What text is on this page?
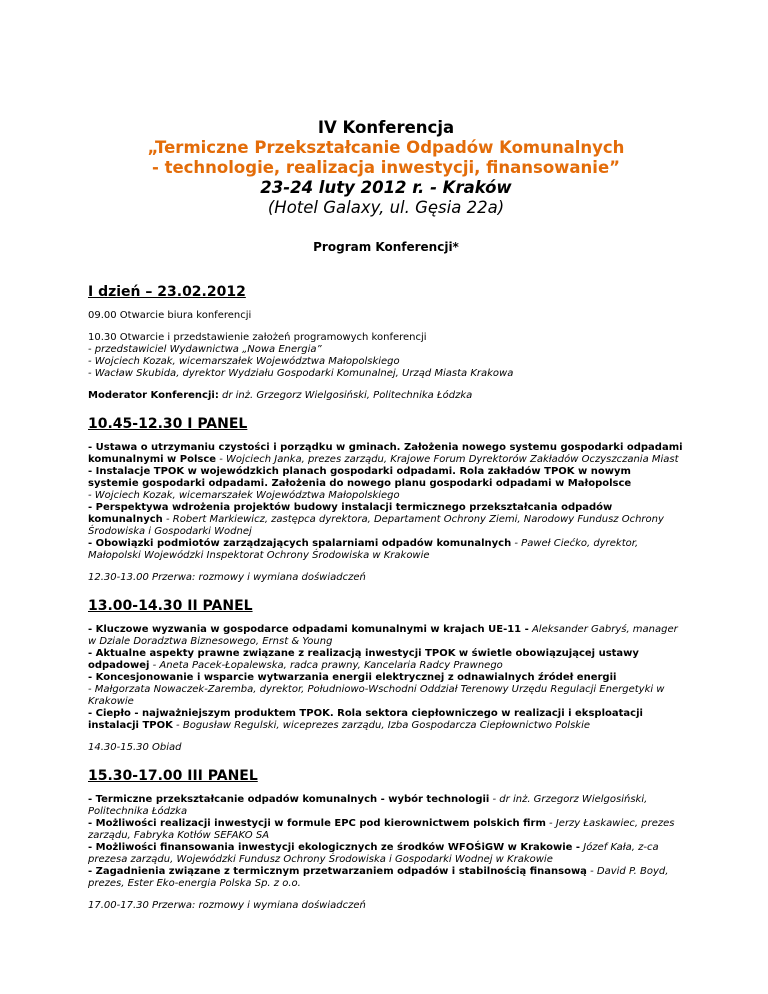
IV Konferencja
„Termiczne Przekształcanie Odpadów Komunalnych
- technologie, realizacja inwestycji, finansowanie”
23-24 luty 2012 r. - Kraków
(Hotel Galaxy, ul. Gęsia 22a)
Program Konferencji*
I dzień – 23.02.2012
09.00 Otwarcie biura konferencji
10.30 Otwarcie i przedstawienie założeń programowych konferencji
- przedstawiciel Wydawnictwa „Nowa Energia”
- Wojciech Kozak, wicemarszałek Województwa Małopolskiego
- Wacław Skubida, dyrektor Wydziału Gospodarki Komunalnej, Urząd Miasta Krakowa
Moderator Konferencji: dr inż. Grzegorz Wielgosiński, Politechnika Łódzka
10.45-12.30 I PANEL
- Ustawa o utrzymaniu czystości i porządku w gminach. Założenia nowego systemu gospodarki odpadami komunalnymi w Polsce - Wojciech Janka, prezes zarządu, Krajowe Forum Dyrektorów Zakładów Oczyszczania Miast
- Instalacje TPOK w wojewódzkich planach gospodarki odpadami. Rola zakładów TPOK w nowym systemie gospodarki odpadami. Założenia do nowego planu gospodarki odpadami w Małopolsce
- Wojciech Kozak, wicemarszałek Województwa Małopolskiego
- Perspektywa wdrożenia projektów budowy instalacji termicznego przekształcania odpadów komunalnych - Robert Markiewicz, zastępca dyrektora, Departament Ochrony Ziemi, Narodowy Fundusz Ochrony Środowiska i Gospodarki Wodnej
- Obowiązki podmiotów zarządzających spalarniami odpadów komunalnych - Paweł Ciećko, dyrektor, Małopolski Wojewódzki Inspektorat Ochrony Środowiska w Krakowie
12.30-13.00 Przerwa: rozmowy i wymiana doświadczeń
13.00-14.30 II PANEL
- Kluczowe wyzwania w gospodarce odpadami komunalnymi w krajach UE-11 - Aleksander Gabryś, manager w Dziale Doradztwa Biznesowego, Ernst & Young
- Aktualne aspekty prawne związane z realizacją inwestycji TPOK w świetle obowiązującej ustawy odpadowej - Aneta Pacek-Łopalewska, radca prawny, Kancelaria Radcy Prawnego
- Koncesjonowanie i wsparcie wytwarzania energii elektrycznej z odnawialnych źródeł energii
- Małgorzata Nowaczek-Zaremba, dyrektor, Południowo-Wschodni Oddział Terenowy Urzędu Regulacji Energetyki w Krakowie
- Ciepło - najważniejszym produktem TPOK. Rola sektora ciepłowniczego w realizacji i eksploatacji instalacji TPOK - Bogusław Regulski, wiceprezes zarządu, Izba Gospodarcza Ciepłownictwo Polskie
14.30-15.30 Obiad
15.30-17.00 III PANEL
- Termiczne przekształcanie odpadów komunalnych - wybór technologii - dr inż. Grzegorz Wielgosiński, Politechnika Łódzka
- Możliwości realizacji inwestycji w formule EPC pod kierownictwem polskich firm - Jerzy Łaskawiec, prezes zarządu, Fabryka Kotłów SEFAKO SA
- Możliwości finansowania inwestycji ekologicznych ze środków WFOŚiGW w Krakowie - Józef Kała, z-ca prezesa zarządu, Wojewódzki Fundusz Ochrony Środowiska i Gospodarki Wodnej w Krakowie
- Zagadnienia związane z termicznym przetwarzaniem odpadów i stabilnością finansową - David P. Boyd, prezes, Ester Eko-energia Polska Sp. z o.o.
17.00-17.30 Przerwa: rozmowy i wymiana doświadczeń
